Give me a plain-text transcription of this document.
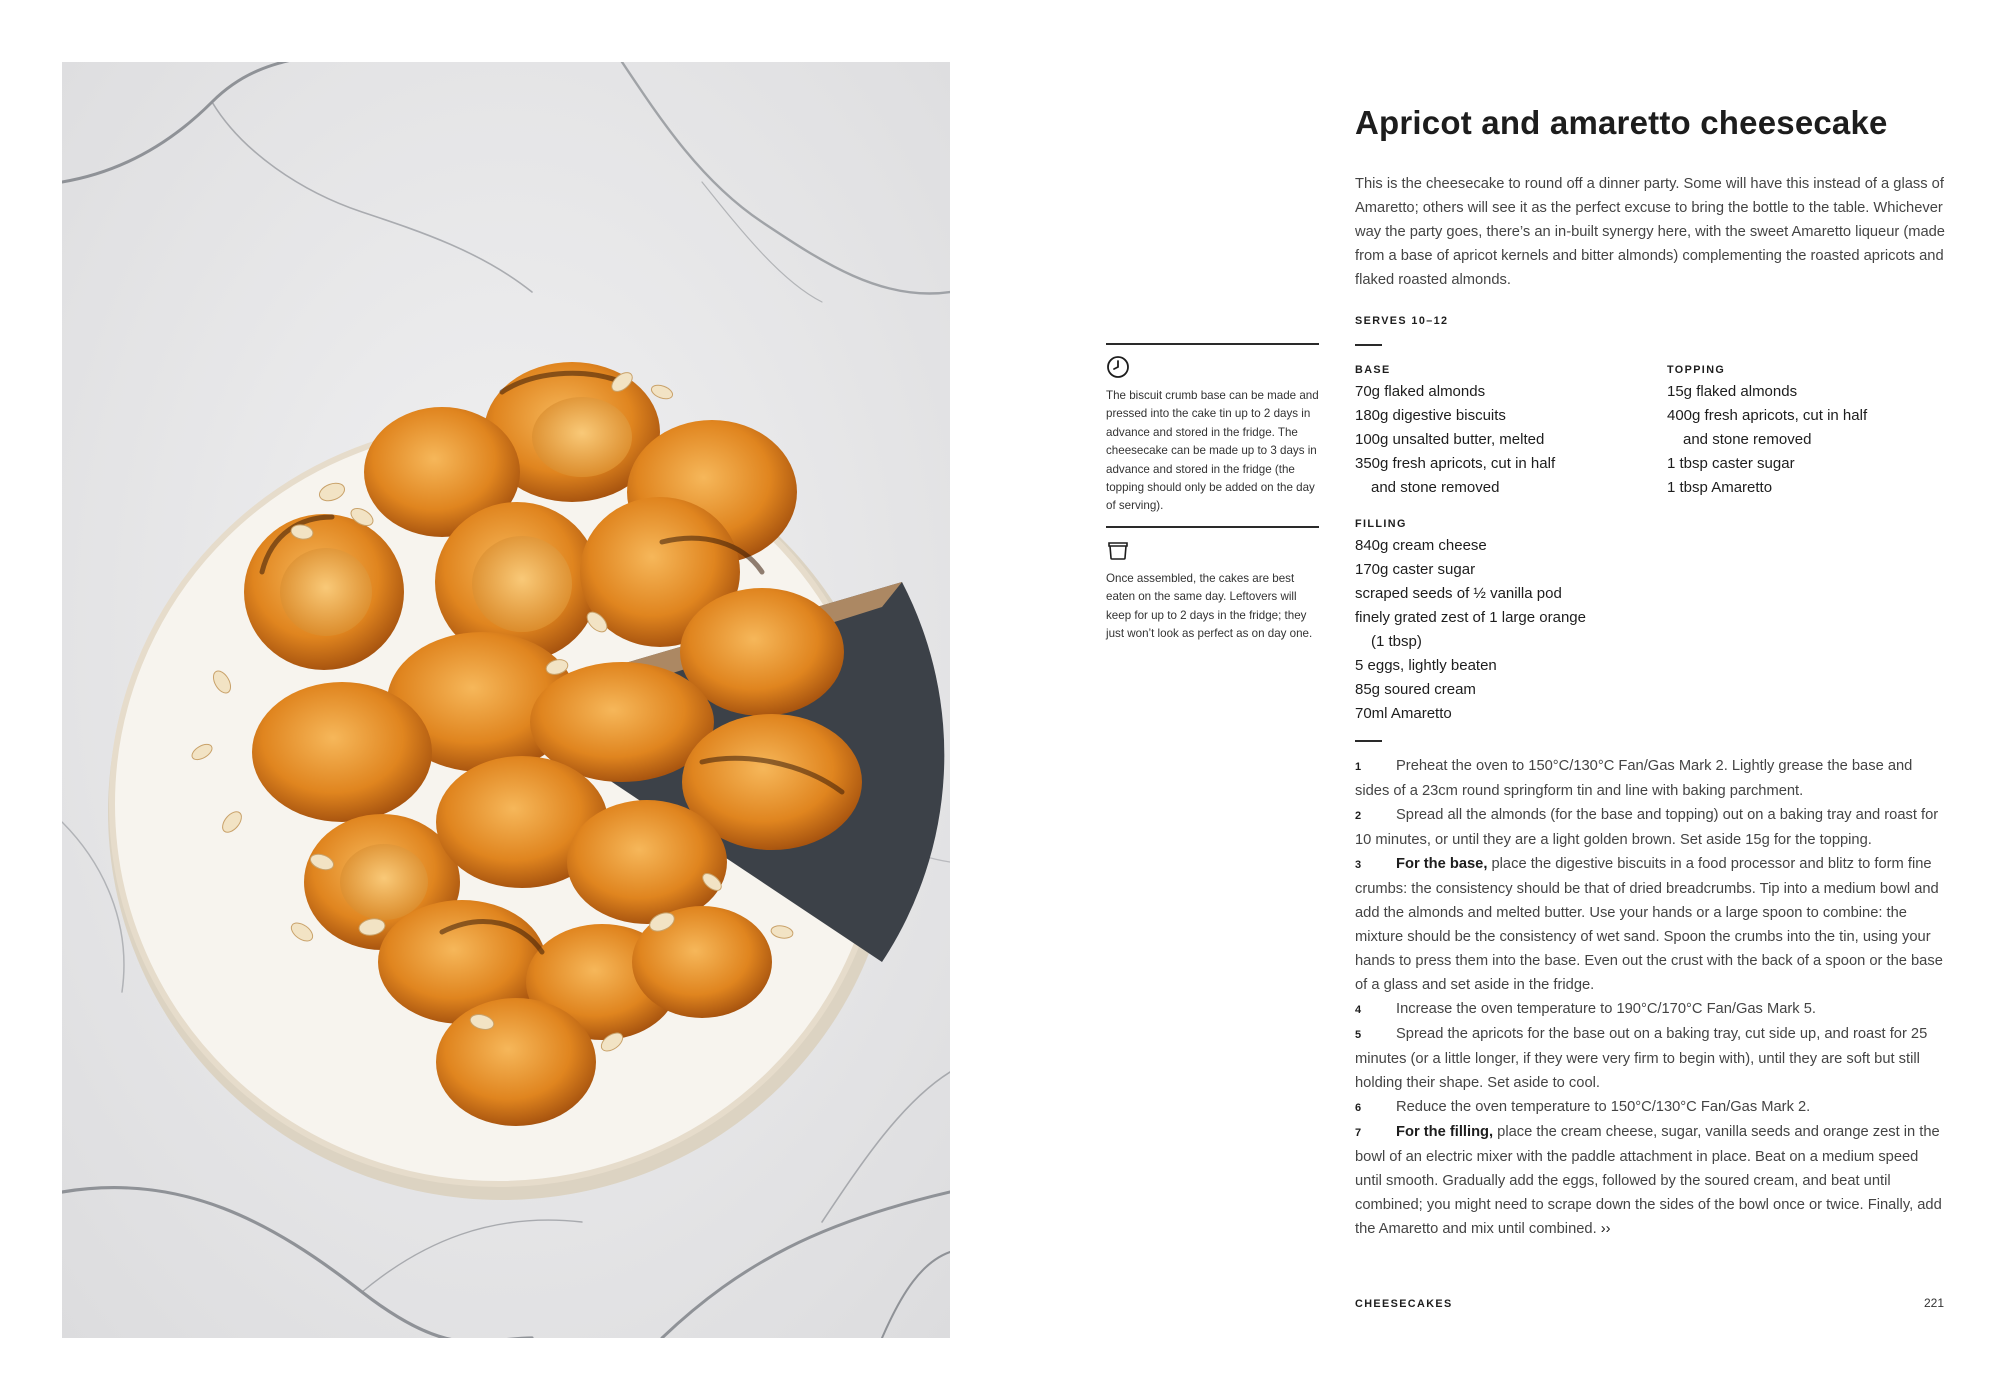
The biscuit crumb base can be made and pressed into the cake tin up to 2 days in advance and stored in the fridge. The cheesecake can be made up to 3 days in advance and stored in the fridge (the topping should only be added on the day of serving).

Once assembled, the cakes are best eaten on the same day. Leftovers will keep for up to 2 days in the fridge; they just won’t look as perfect as on day one.

Apricot and amaretto cheesecake

This is the cheesecake to round off a dinner party. Some will have this instead of a glass of Amaretto; others will see it as the perfect excuse to bring the bottle to the table. Whichever way the party goes, there’s an in-built synergy here, with the sweet Amaretto liqueur (made from a base of apricot kernels and bitter almonds) complementing the roasted apricots and flaked roasted almonds.

SERVES 10–12
BASE
70g flaked almonds
180g digestive biscuits
100g unsalted butter, melted
350g fresh apricots, cut in half
and stone removed
TOPPING
15g flaked almonds
400g fresh apricots, cut in half
and stone removed
1 tbsp caster sugar
1 tbsp Amaretto
FILLING
840g cream cheese
170g caster sugar
scraped seeds of ½ vanilla pod
finely grated zest of 1 large orange
(1 tbsp)
5 eggs, lightly beaten
85g soured cream
70ml Amaretto
1 Preheat the oven to 150°C/130°C Fan/Gas Mark 2. Lightly grease the base and sides of a 23cm round springform tin and line with baking parchment.
2 Spread all the almonds (for the base and topping) out on a baking tray and roast for 10 minutes, or until they are a light golden brown. Set aside 15g for the topping.
3 For the base, place the digestive biscuits in a food processor and blitz to form fine crumbs: the consistency should be that of dried breadcrumbs. Tip into a medium bowl and add the almonds and melted butter. Use your hands or a large spoon to combine: the mixture should be the consistency of wet sand. Spoon the crumbs into the tin, using your hands to press them into the base. Even out the crust with the back of a spoon or the base of a glass and set aside in the fridge.
4 Increase the oven temperature to 190°C/170°C Fan/Gas Mark 5.
5 Spread the apricots for the base out on a baking tray, cut side up, and roast for 25 minutes (or a little longer, if they were very firm to begin with), until they are soft but still holding their shape. Set aside to cool.
6 Reduce the oven temperature to 150°C/130°C Fan/Gas Mark 2.
7 For the filling, place the cream cheese, sugar, vanilla seeds and orange zest in the bowl of an electric mixer with the paddle attachment in place. Beat on a medium speed until smooth. Gradually add the eggs, followed by the soured cream, and beat until combined; you might need to scrape down the sides of the bowl once or twice. Finally, add the Amaretto and mix until combined. ››
CHEESECAKES	221
